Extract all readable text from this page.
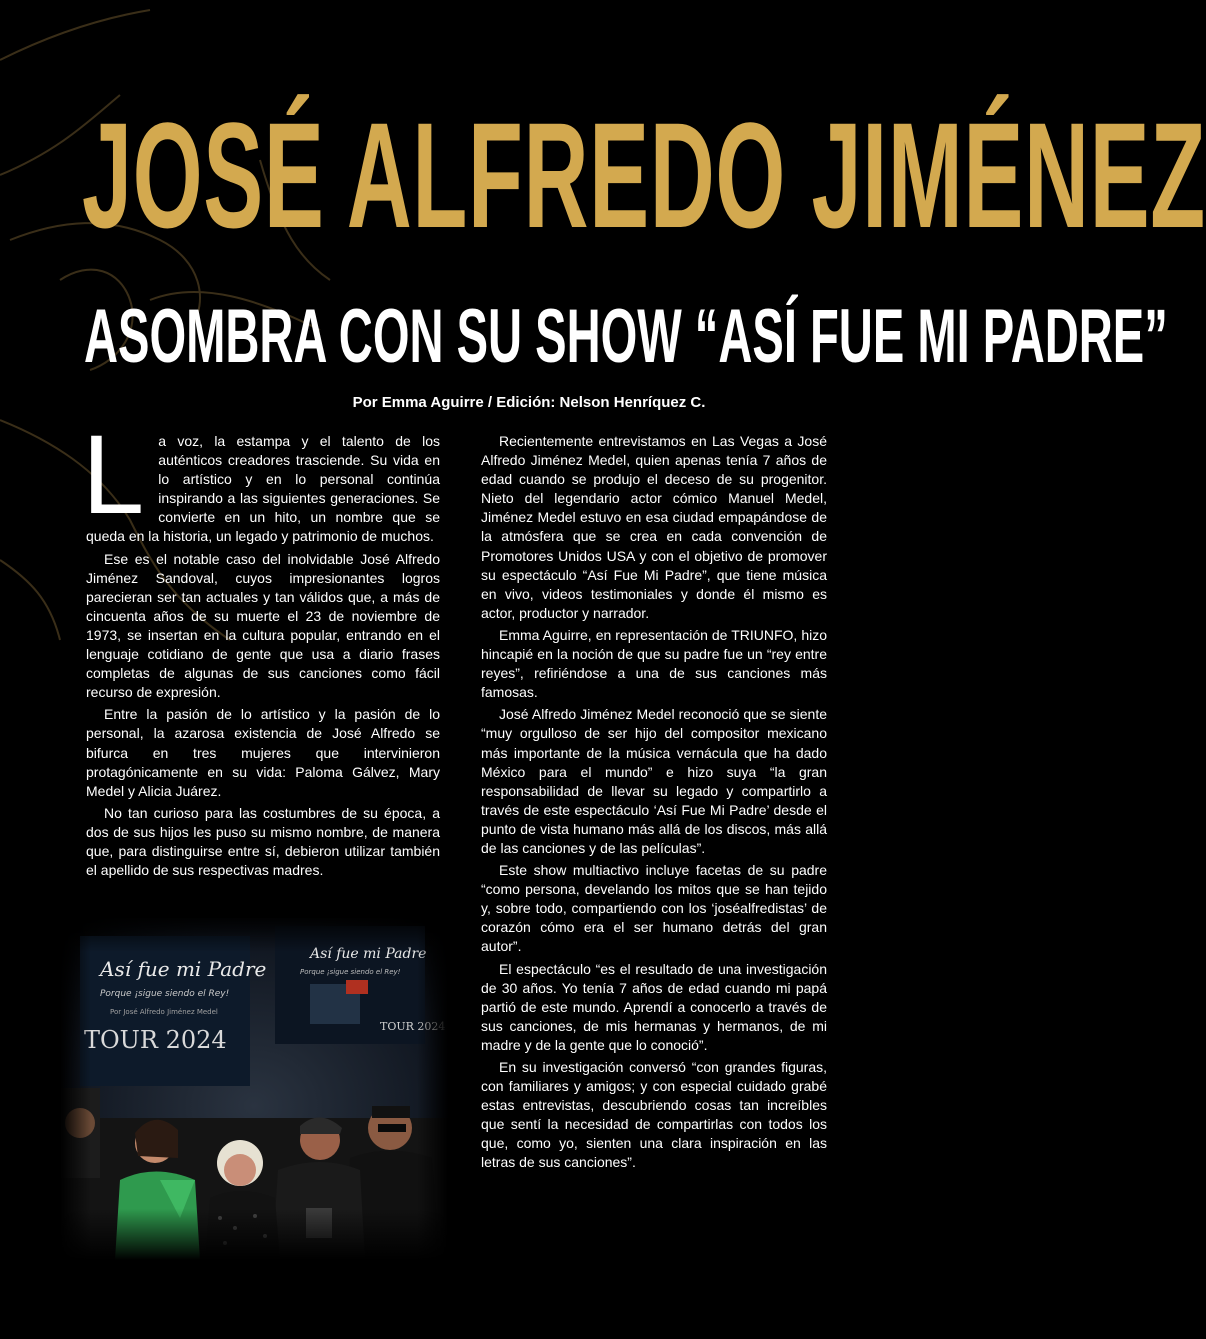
JOSÉ ALFREDO JIMÉNEZ
ASOMBRA CON SU SHOW “ASÍ FUE MI PADRE”
Por Emma Aguirre / Edición: Nelson Henríquez C.

L a voz, la estampa y el talento de los auténticos creadores trasciende. Su vida en lo artístico y en lo personal continúa inspirando a las siguientes generaciones. Se convierte en un hito, un nombre que se queda en la historia, un legado y patrimonio de muchos.

Ese es el notable caso del inolvidable José Alfredo Jiménez Sandoval, cuyos impresionantes logros parecieran ser tan actuales y tan válidos que, a más de cincuenta años de su muerte el 23 de noviembre de 1973, se insertan en la cultura popular, entrando en el lenguaje cotidiano de gente que usa a diario frases completas de algunas de sus canciones como fácil recurso de expresión.

Entre la pasión de lo artístico y la pasión de lo personal, la azarosa existencia de José Alfredo se bifurca en tres mujeres que intervinieron protagónicamente en su vida: Paloma Gálvez, Mary Medel y Alicia Juárez.

No tan curioso para las costumbres de su época, a dos de sus hijos les puso su mismo nombre, de manera que, para distinguirse entre sí, debieron utilizar también el apellido de sus respectivas madres.

Recientemente entrevistamos en Las Vegas a José Alfredo Jiménez Medel, quien apenas tenía 7 años de edad cuando se produjo el deceso de su progenitor. Nieto del legendario actor cómico Manuel Medel, Jiménez Medel estuvo en esa ciudad empapándose de la atmósfera que se crea en cada convención de Promotores Unidos USA y con el objetivo de promover su espectáculo “Así Fue Mi Padre”, que tiene música en vivo, videos testimoniales y donde él mismo es actor, productor y narrador.

Emma Aguirre, en representación de TRIUNFO, hizo hincapié en la noción de que su padre fue un “rey entre reyes”, refiriéndose a una de sus canciones más famosas.

José Alfredo Jiménez Medel reconoció que se siente “muy orgulloso de ser hijo del compositor mexicano más importante de la música vernácula que ha dado México para el mundo” e hizo suya “la gran responsabilidad de llevar su legado y compartirlo a través de este espectáculo ‘Así Fue Mi Padre’ desde el punto de vista humano más allá de los discos, más allá de las canciones y de las películas”.

Este show multiactivo incluye facetas de su padre “como persona, develando los mitos que se han tejido y, sobre todo, compartiendo con los ‘joséalfredistas’ de corazón cómo era el ser humano detrás del gran autor”.

El espectáculo “es el resultado de una investigación de 30 años. Yo tenía 7 años de edad cuando mi papá partió de este mundo. Aprendí a conocerlo a través de sus canciones, de mis hermanas y hermanos, de mi madre y de la gente que lo conoció”.

En su investigación conversó “con grandes figuras, con familiares y amigos; y con especial cuidado grabé estas entrevistas, descubriendo cosas tan increíbles que sentí la necesidad de compartirlas con todos los que, como yo, sienten una clara inspiración en las letras de sus canciones”.
